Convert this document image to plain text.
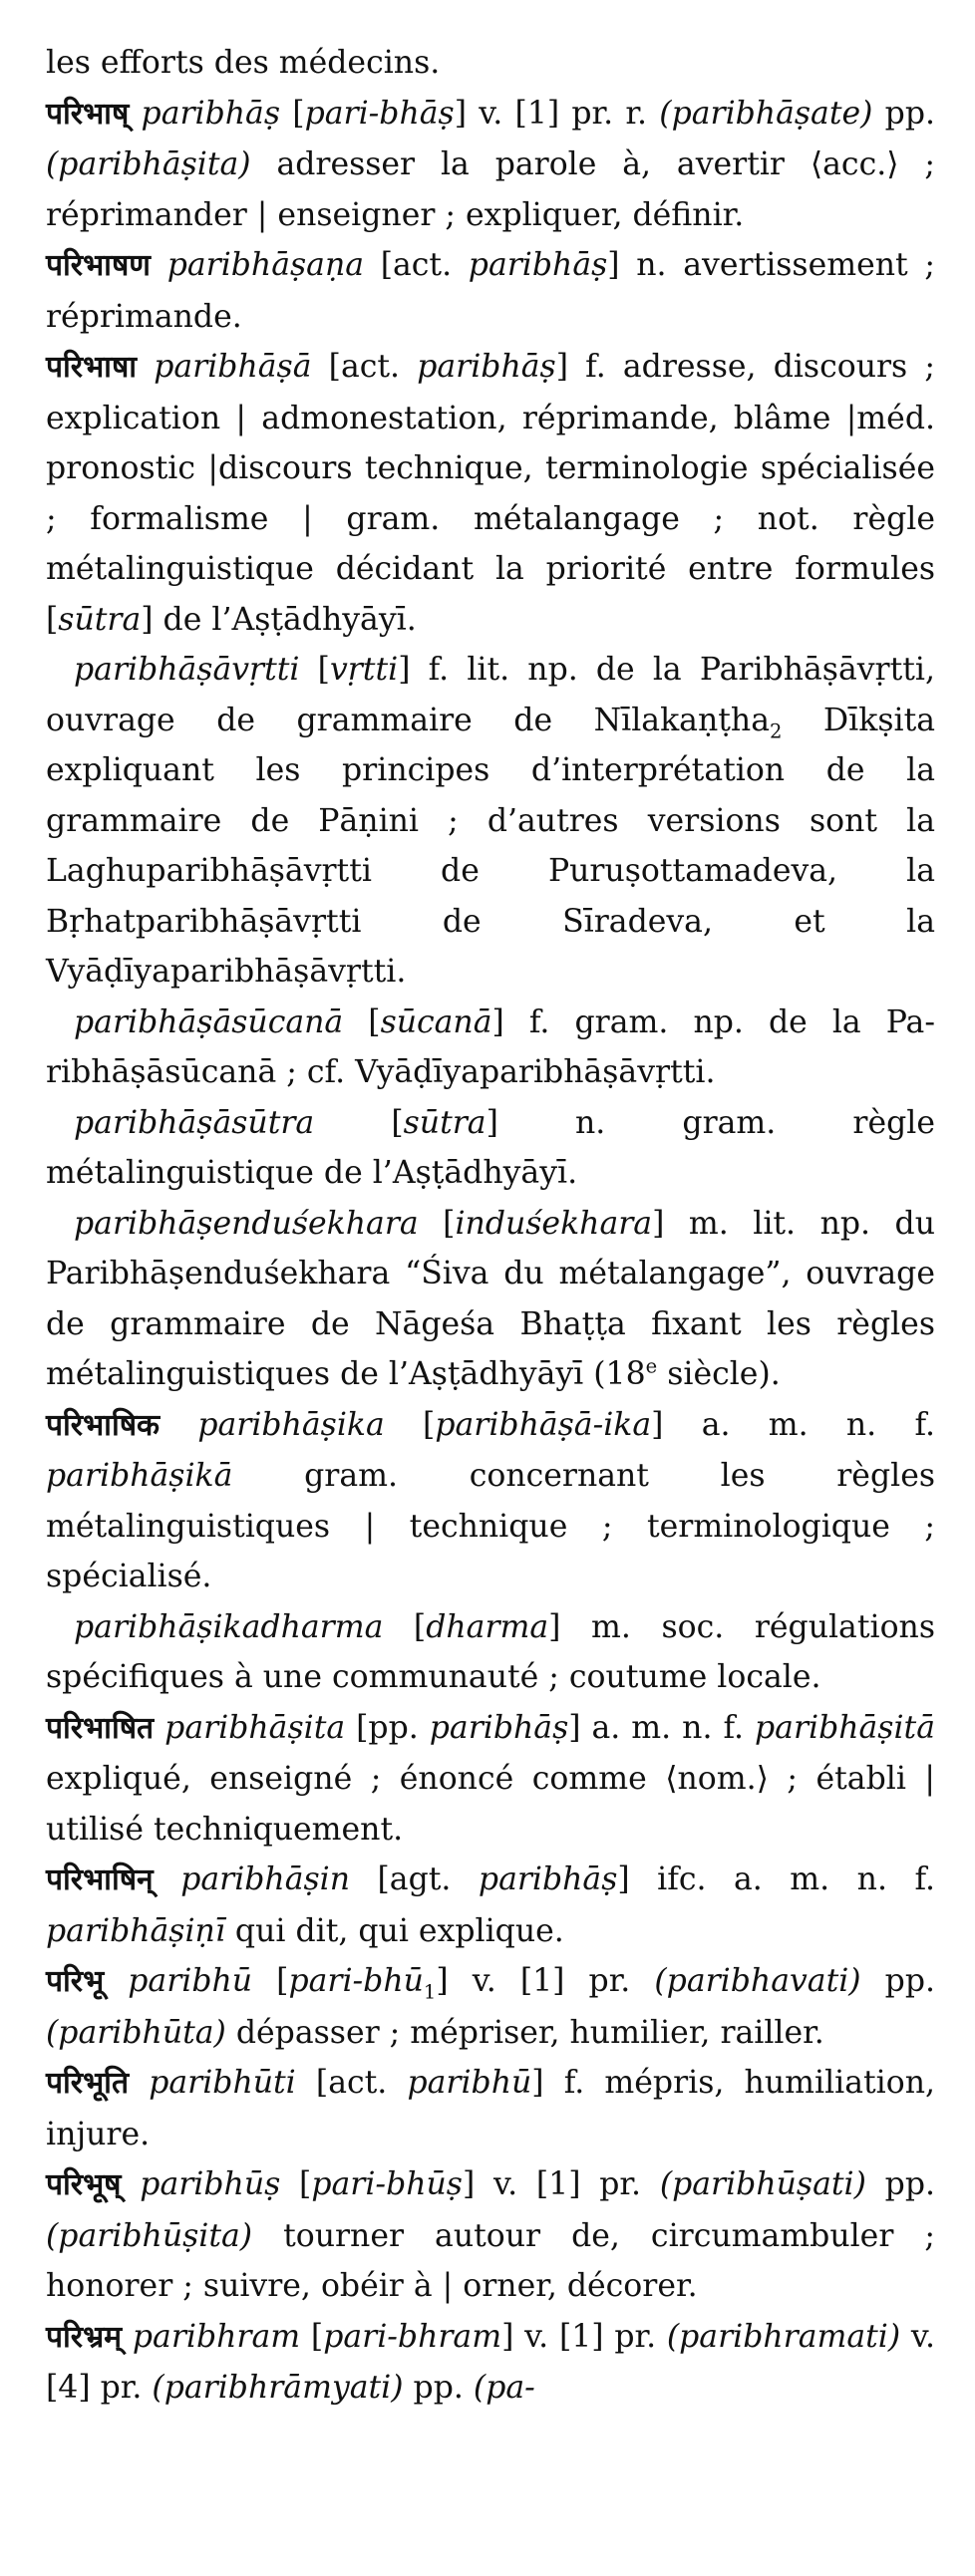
les efforts des médecins.

परिभाष् paribhāṣ [pari-bhāṣ] v. [1] pr. r. (paribhāṣate) pp. (paribhāṣita) adresser la parole à, avertir ⟨acc.⟩ ; réprimander | enseigner ; expliquer, définir.

परिभाषण paribhāṣaṇa [act. paribhāṣ] n. avertissement ; réprimande.

परिभाषा paribhāṣā [act. paribhāṣ] f. adresse, discours ; explication | admonestation, réprimande, blâme |méd. pronostic |discours technique, terminologie spécialisée ; formalisme | gram. métalangage ; not. règle métalinguistique décidant la priorité entre formules [sūtra] de l’Aṣṭādhyāyī.

paribhāṣāvṛtti [vṛtti] f. lit. np. de la Paribhāṣāvṛtti, ouvrage de grammaire de Nīlakaṇṭha$_2$ Dīkṣita expliquant les principes d’interprétation de la grammaire de Pāṇini ; d’autres versions sont la Laghuparibhāṣāvṛtti de Puruṣottamadeva, la Bṛhatparibhāṣāvṛtti de Sīradeva, et la Vyāḍīyaparibhāṣāvṛtti.

paribhāṣāsūcanā [sūcanā] f. gram. np. de la Paribhāṣāsūcanā ; cf. Vyāḍīyaparibhāṣāvṛtti.

paribhāṣāsūtra [sūtra] n. gram. règle métalinguistique de l’Aṣṭādhyāyī.

paribhāṣenduśekhara [induśekhara] m. lit. np. du Paribhāṣenduśekhara “Śiva du métalangage”, ouvrage de grammaire de Nāgeśa Bhaṭṭa fixant les règles métalinguistiques de l’Aṣṭādhyāyī (18e siècle).

परिभाषिक paribhāṣika [paribhāṣā-ika] a. m. n. f. paribhāṣikā gram. concernant les règles métalinguistiques | technique ; terminologique ; spécialisé.

paribhāṣikadharma [dharma] m. soc. régulations spécifiques à une communauté ; coutume locale.

परिभाषित paribhāṣita [pp. paribhāṣ] a. m. n. f. paribhāṣitā expliqué, enseigné ; énoncé comme ⟨nom.⟩ ; établi | utilisé techniquement.

परिभाषिन् paribhāṣin [agt. paribhāṣ] ifc. a. m. n. f. paribhāṣiṇī qui dit, qui explique.

परिभू paribhū [pari-bhū$_1$] v. [1] pr. (paribhavati) pp. (paribhūta) dépasser ; mépriser, humilier, railler.

परिभूति paribhūti [act. paribhū] f. mépris, humiliation, injure.

परिभूष् paribhūṣ [pari-bhūṣ] v. [1] pr. (paribhūṣati) pp. (paribhūṣita) tourner autour de, circumambuler ; honorer ; suivre, obéir à | orner, décorer.

परिभ्रम् paribhram [pari-bhram] v. [1] pr. (paribhramati) v. [4] pr. (paribhrāmyati) pp. (pa-
